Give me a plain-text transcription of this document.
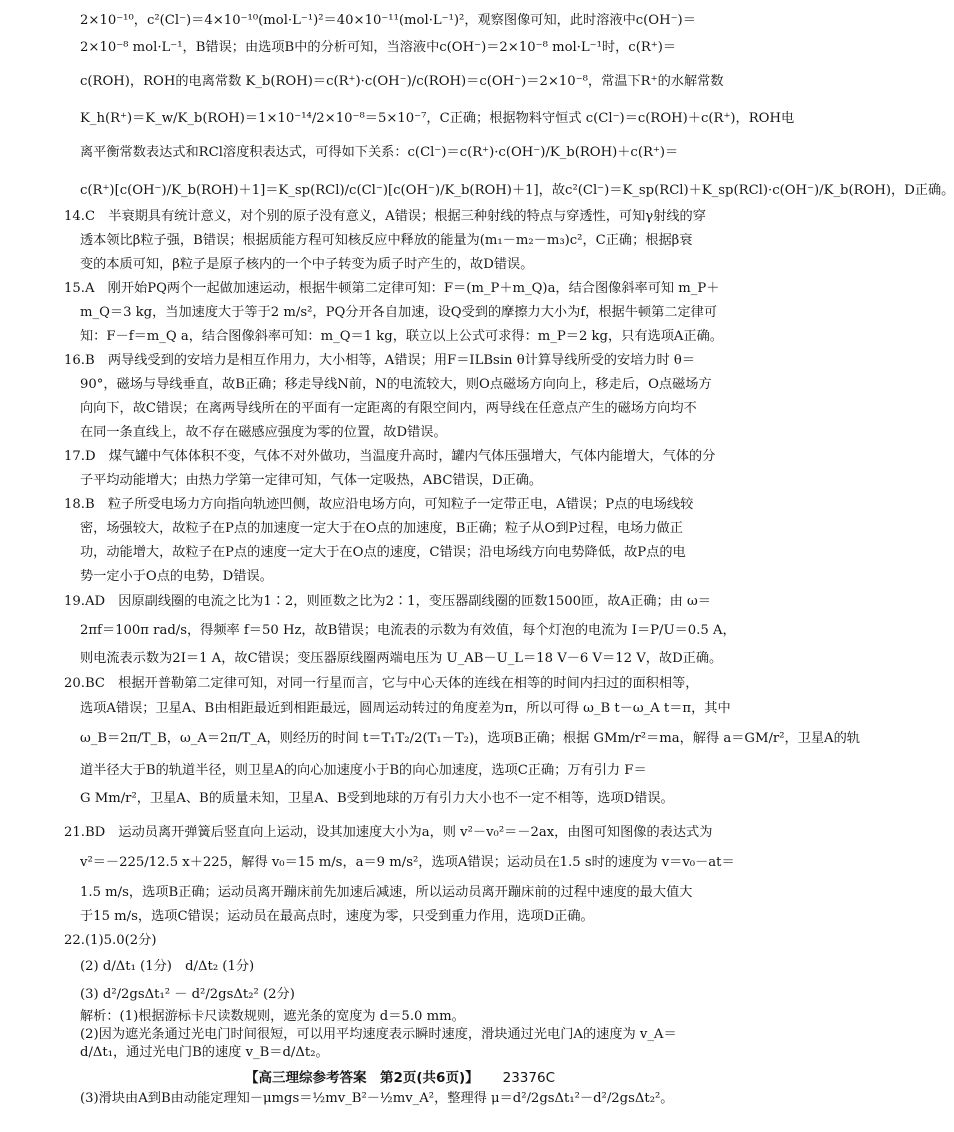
2×10⁻¹⁰，c²(Cl⁻)＝4×10⁻¹⁰(mol·L⁻¹)²＝40×10⁻¹¹(mol·L⁻¹)²，观察图像可知，此时溶液中c(OH⁻)＝
2×10⁻⁸ mol·L⁻¹，B错误；由选项B中的分析可知，当溶液中c(OH⁻)＝2×10⁻⁸ mol·L⁻¹时，c(R⁺)＝
c(ROH)，ROH的电离常数 K_b(ROH)＝c(R⁺)·c(OH⁻)/c(ROH)＝c(OH⁻)＝2×10⁻⁸，常温下R⁺的水解常数
K_h(R⁺)＝K_w/K_b(ROH)＝1×10⁻¹⁴/2×10⁻⁸＝5×10⁻⁷，C正确；根据物料守恒式 c(Cl⁻)＝c(ROH)＋c(R⁺)，ROH电
离平衡常数表达式和RCl溶度积表达式，可得如下关系：c(Cl⁻)＝c(R⁺)·c(OH⁻)/K_b(ROH)＋c(R⁺)＝
c(R⁺)[c(OH⁻)/K_b(ROH)＋1]＝K_sp(RCl)/c(Cl⁻)[c(OH⁻)/K_b(ROH)＋1]，故c²(Cl⁻)＝K_sp(RCl)＋K_sp(RCl)·c(OH⁻)/K_b(ROH)，D正确。
14.C　半衰期具有统计意义，对个别的原子没有意义，A错误；根据三种射线的特点与穿透性，可知γ射线的穿
透本领比β粒子强，B错误；根据质能方程可知核反应中释放的能量为(m₁－m₂－m₃)c²，C正确；根据β衰
变的本质可知，β粒子是原子核内的一个中子转变为质子时产生的，故D错误。
15.A　刚开始PQ两个一起做加速运动，根据牛顿第二定律可知：F＝(m_P＋m_Q)a，结合图像斜率可知 m_P＋
m_Q＝3 kg，当加速度大于等于2 m/s²，PQ分开各自加速，设Q受到的摩擦力大小为f，根据牛顿第二定律可
知：F－f＝m_Q a，结合图像斜率可知：m_Q＝1 kg，联立以上公式可求得：m_P＝2 kg，只有选项A正确。
16.B　两导线受到的安培力是相互作用力，大小相等，A错误；用F＝ILBsin θ计算导线所受的安培力时 θ＝
90°，磁场与导线垂直，故B正确；移走导线N前，N的电流较大，则O点磁场方向向上，移走后，O点磁场方
向向下，故C错误；在离两导线所在的平面有一定距离的有限空间内，两导线在任意点产生的磁场方向均不
在同一条直线上，故不存在磁感应强度为零的位置，故D错误。
17.D　煤气罐中气体体积不变，气体不对外做功，当温度升高时，罐内气体压强增大，气体内能增大，气体的分
子平均动能增大；由热力学第一定律可知，气体一定吸热，ABC错误，D正确。
18.B　粒子所受电场力方向指向轨迹凹侧，故应沿电场方向，可知粒子一定带正电，A错误；P点的电场线较
密，场强较大，故粒子在P点的加速度一定大于在O点的加速度，B正确；粒子从O到P过程，电场力做正
功，动能增大，故粒子在P点的速度一定大于在O点的速度，C错误；沿电场线方向电势降低，故P点的电
势一定小于O点的电势，D错误。
19.AD　因原副线圈的电流之比为1∶2，则匝数之比为2∶1，变压器副线圈的匝数1500匝，故A正确；由 ω＝
2πf＝100π rad/s，得频率 f＝50 Hz，故B错误；电流表的示数为有效值，每个灯泡的电流为 I＝P/U＝0.5 A，
则电流表示数为2I＝1 A，故C错误；变压器原线圈两端电压为 U_AB－U_L＝18 V－6 V＝12 V，故D正确。
20.BC　根据开普勒第二定律可知，对同一行星而言，它与中心天体的连线在相等的时间内扫过的面积相等，
选项A错误；卫星A、B由相距最近到相距最远，圆周运动转过的角度差为π，所以可得 ω_B t－ω_A t＝π，其中
ω_B＝2π/T_B，ω_A＝2π/T_A，则经历的时间 t＝T₁T₂/2(T₁－T₂)，选项B正确；根据 GMm/r²＝ma，解得 a＝GM/r²，卫星A的轨
道半径大于B的轨道半径，则卫星A的向心加速度小于B的向心加速度，选项C正确；万有引力 F＝
G Mm/r²，卫星A、B的质量未知，卫星A、B受到地球的万有引力大小也不一定不相等，选项D错误。
21.BD　运动员离开弹簧后竖直向上运动，设其加速度大小为a，则 v²－v₀²＝－2ax，由图可知图像的表达式为
v²＝－225/12.5 x＋225，解得 v₀＝15 m/s，a＝9 m/s²，选项A错误；运动员在1.5 s时的速度为 v＝v₀－at＝
1.5 m/s，选项B正确；运动员离开蹦床前先加速后减速，所以运动员离开蹦床前的过程中速度的最大值大
于15 m/s，选项C错误；运动员在最高点时，速度为零，只受到重力作用，选项D正确。
22.(1)5.0(2分)
(2) d/Δt₁ (1分)　d/Δt₂ (1分)
(3) d²/2gsΔt₁² － d²/2gsΔt₂² (2分)
解析：(1)根据游标卡尺读数规则，遮光条的宽度为 d＝5.0 mm。
(2)因为遮光条通过光电门时间很短，可以用平均速度表示瞬时速度，滑块通过光电门A的速度为 v_A＝
d/Δt₁，通过光电门B的速度 v_B＝d/Δt₂。
【高三理综参考答案　第2页(共6页)】 23376C
(3)滑块由A到B由动能定理知－μmgs＝½mv_B²－½mv_A²，整理得 μ＝d²/2gsΔt₁²－d²/2gsΔt₂²。
